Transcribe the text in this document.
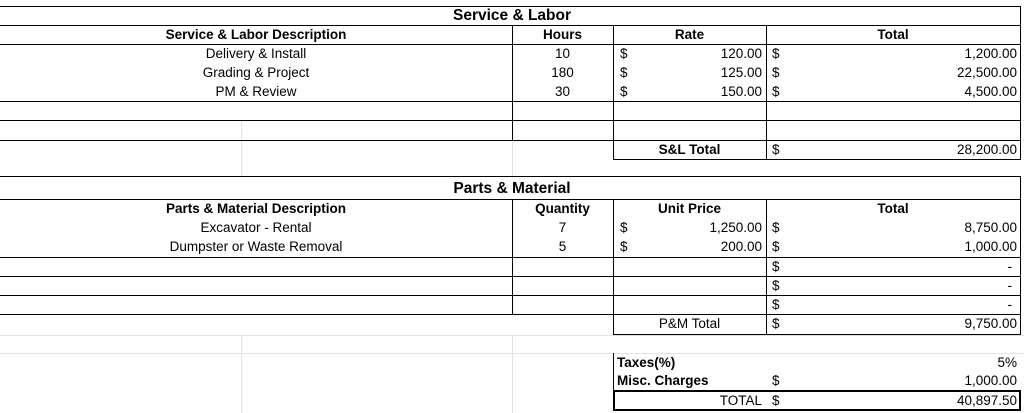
Service & Labor
Service & Labor Description	Hours	Rate	Total
Delivery & Install	10	$	120.00 $	1,200.00
Grading & Project	180	$	125.00 $	22,500.00
PM & Review	30	$	150.00 $	4,500.00
S&L Total	$	28,200.00
Parts & Material
Parts & Material Description	Quantity	Unit Price	Total
Excavator - Rental	7	$	1,250.00 $	8,750.00
Dumpster or Waste Removal	5	$	200.00 $	1,000.00
$	-
$	-
$	-
P&M Total	$	9,750.00
Taxes(%)	5%
Misc. Charges	$	1,000.00
TOTAL $	40,897.50
